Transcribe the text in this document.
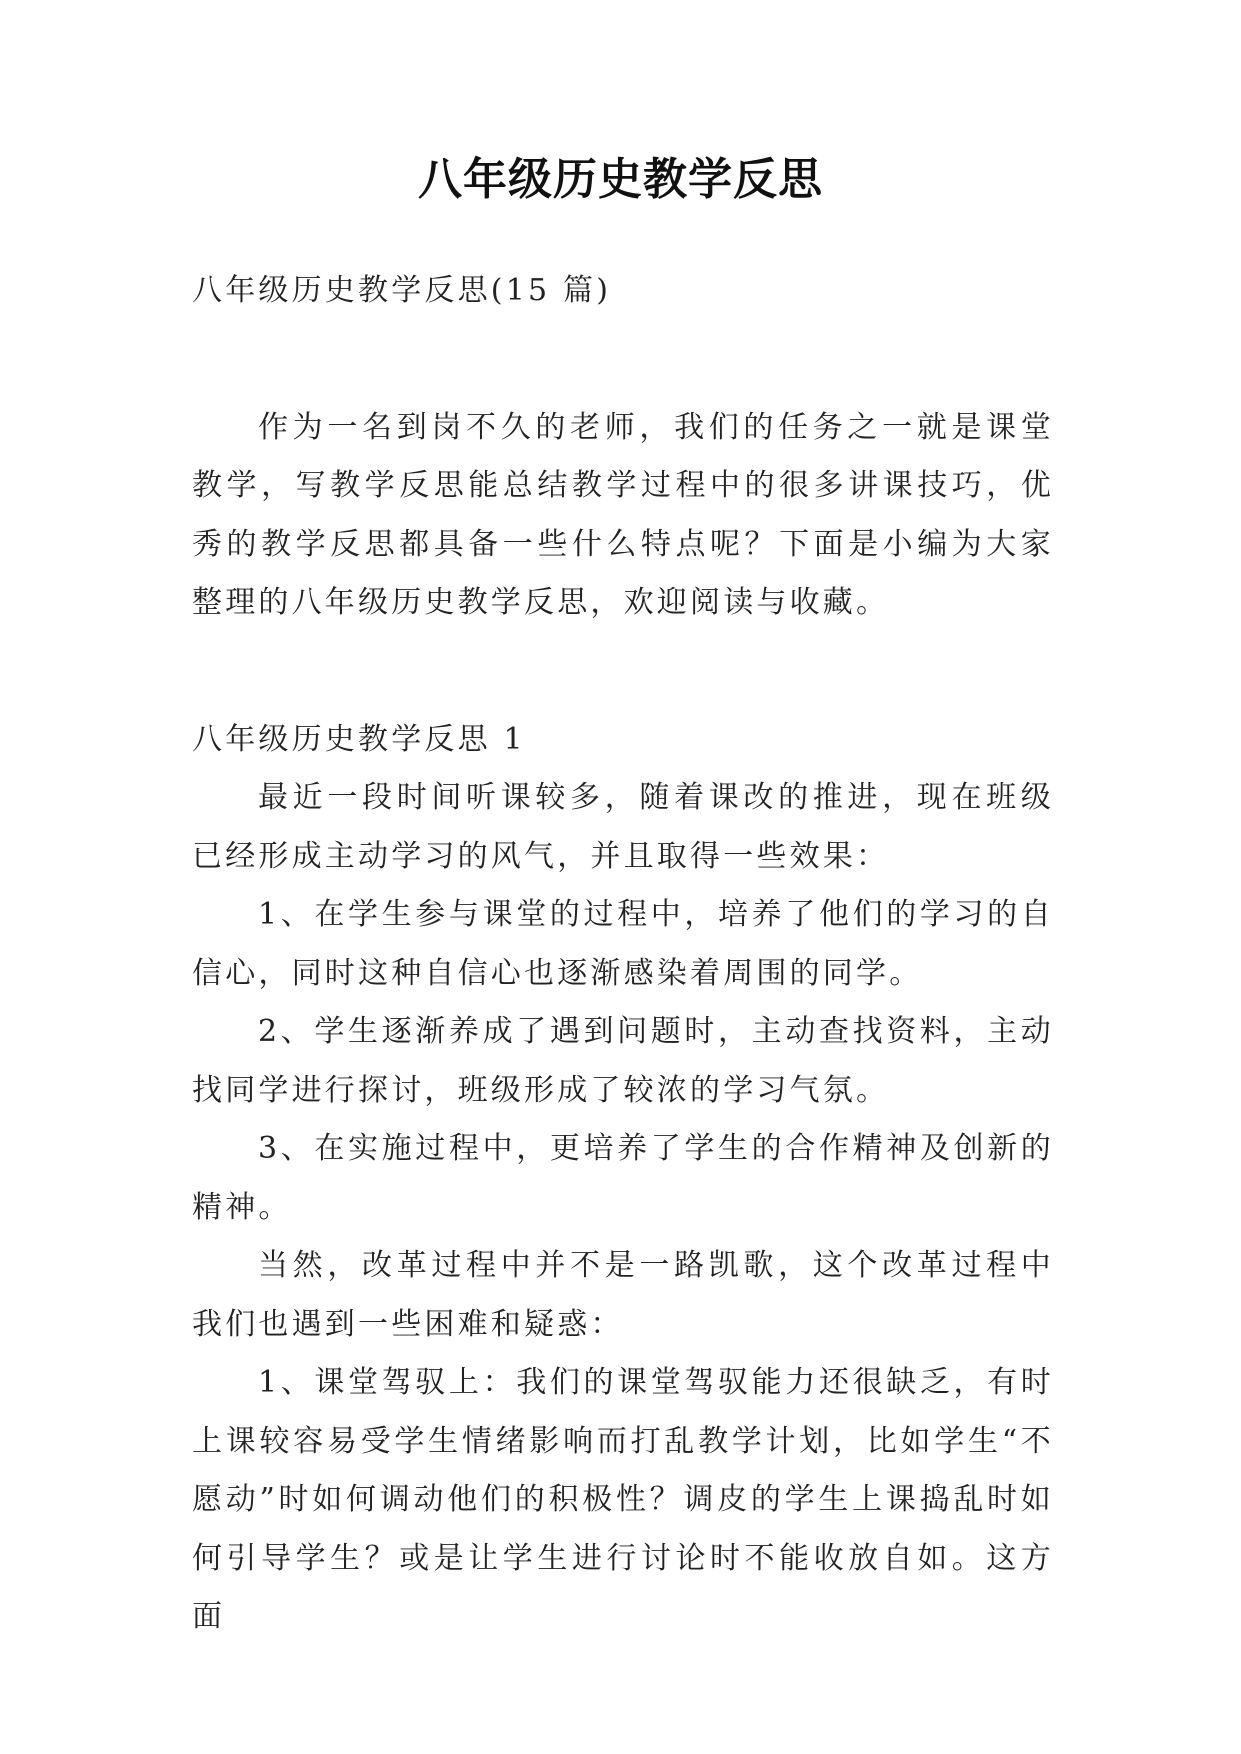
八年级历史教学反思

八年级历史教学反思(15 篇)

作为一名到岗不久的老师，我们的任务之一就是课堂教学，写教学反思能总结教学过程中的很多讲课技巧，优秀的教学反思都具备一些什么特点呢？下面是小编为大家整理的八年级历史教学反思，欢迎阅读与收藏。

八年级历史教学反思 1

最近一段时间听课较多，随着课改的推进，现在班级已经形成主动学习的风气，并且取得一些效果：

1、在学生参与课堂的过程中，培养了他们的学习的自信心，同时这种自信心也逐渐感染着周围的同学。

2、学生逐渐养成了遇到问题时，主动查找资料，主动找同学进行探讨，班级形成了较浓的学习气氛。

3、在实施过程中，更培养了学生的合作精神及创新的精神。

当然，改革过程中并不是一路凯歌，这个改革过程中我们也遇到一些困难和疑惑：

1、课堂驾驭上：我们的课堂驾驭能力还很缺乏，有时上课较容易受学生情绪影响而打乱教学计划，比如学生“不愿动”时如何调动他们的积极性？调皮的学生上课捣乱时如何引导学生？或是让学生进行讨论时不能收放自如。这方面
